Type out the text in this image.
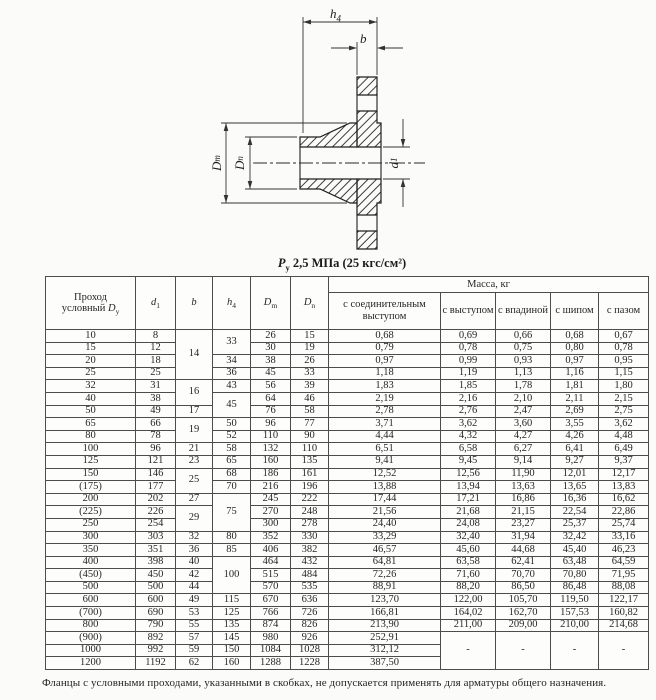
$h_4$
b
D
m
D
n
d
1
$P_у$ 2,5 МПа (25 кгс/см²)
Проход
условный $D_у$	$d_1$	b	$h_4$	$D_m$	$D_n$	Масса, кг				
						с соединительным выступом	с выступом	с впадиной	с шипом	с пазом
10	8	14	33	26	15	0,68	0,69	0,66	0,68	0,67
15	12			30	19	0,79	0,78	0,75	0,80	0,78
20	18		34	38	26	0,97	0,99	0,93	0,97	0,95
25	25		36	45	33	1,18	1,19	1,13	1,16	1,15
32	31	16	43	56	39	1,83	1,85	1,78	1,81	1,80
40	38		45	64	46	2,19	2,16	2,10	2,11	2,15
50	49	17		76	58	2,78	2,76	2,47	2,69	2,75
65	66	19	50	96	77	3,71	3,62	3,60	3,55	3,62
80	78		52	110	90	4,44	4,32	4,27	4,26	4,48
100	96	21	58	132	110	6,51	6,58	6,27	6,41	6,49
125	121	23	65	160	135	9,41	9,45	9,14	9,27	9,37
150	146	25	68	186	161	12,52	12,56	11,90	12,01	12,17
(175)	177		70	216	196	13,88	13,94	13,63	13,65	13,83
200	202	27	75	245	222	17,44	17,21	16,86	16,36	16,62
(225)	226	29		270	248	21,56	21,68	21,15	22,54	22,86
250	254			300	278	24,40	24,08	23,27	25,37	25,74
300	303	32	80	352	330	33,29	32,40	31,94	32,42	33,16
350	351	36	85	406	382	46,57	45,60	44,68	45,40	46,23
400	398	40	100	464	432	64,81	63,58	62,41	63,48	64,59
(450)	450	42		515	484	72,26	71,60	70,70	70,80	71,95
500	500	44		570	535	88,91	88,20	86,50	86,48	88,08
600	600	49	115	670	636	123,70	122,00	105,70	119,50	122,17
(700)	690	53	125	766	726	166,81	164,02	162,70	157,53	160,82
800	790	55	135	874	826	213,90	211,00	209,00	210,00	214,68
(900)	892	57	145	980	926	252,91	-	-	-	-
1000	992	59	150	1084	1028	312,12				
1200	1192	62	160	1288	1228	387,50				
Фланцы с условными проходами, указанными в скобках, не допускается применять для арматуры общего назначения.
